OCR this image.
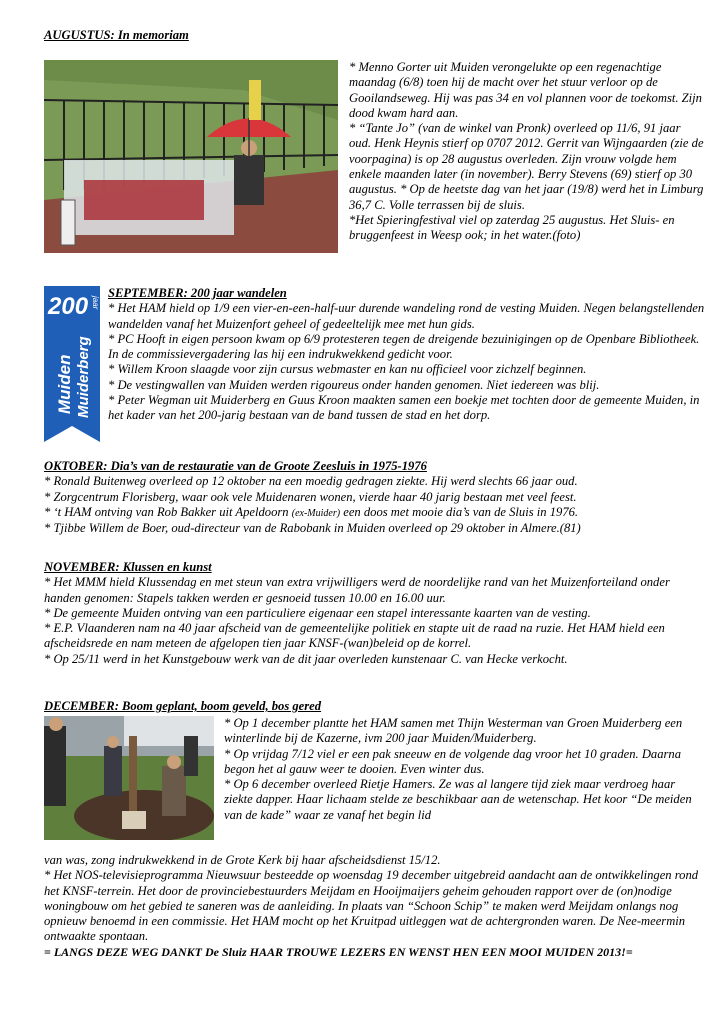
AUGUSTUS: In memoriam

* Menno Gorter uit Muiden verongelukte op een regenachtige maandag (6/8) toen hij de macht over het stuur verloor op de Gooilandseweg. Hij was pas 34 en vol plannen voor de toekomst. Zijn dood kwam hard aan.

* “Tante Jo” (van de winkel van Pronk) overleed op 11/6, 91 jaar oud. Henk Heynis stierf op 0707 2012. Gerrit van Wijngaarden (zie de voorpagina) is op 28 augustus overleden. Zijn vrouw volgde hem enkele maanden later (in november). Berry Stevens (69) stierf op 30 augustus. * Op de heetste dag van het jaar (19/8) werd het in Limburg 36,7 C. Volle terrassen bij de sluis.

*Het Spieringfestival viel op zaterdag 25 augustus. Het Sluis- en bruggenfeest in Weesp ook; in het water.(foto)

200 jaar
Muiden Muiderberg

SEPTEMBER: 200 jaar wandelen

* Het HAM hield op 1/9 een vier-en-een-half-uur durende wandeling rond de vesting Muiden. Negen belangstellenden wandelden vanaf het Muizenfort geheel of gedeeltelijk mee met hun gids.

* PC Hooft in eigen persoon kwam op 6/9 protesteren tegen de dreigende bezuinigingen op de Openbare Bibliotheek. In de commissievergadering las hij een indrukwekkend gedicht voor.

* Willem Kroon slaagde voor zijn cursus webmaster en kan nu officieel voor zichzelf beginnen.

* De vestingwallen van Muiden werden rigoureus onder handen genomen. Niet iedereen was blij.

* Peter Wegman uit Muiderberg en Guus Kroon maakten samen een boekje met tochten door de gemeente Muiden, in het kader van het 200-jarig bestaan van de band tussen de stad en het dorp.

OKTOBER: Dia’s van de restauratie van de Groote Zeesluis in 1975-1976

* Ronald Buitenweg overleed op 12 oktober na een moedig gedragen ziekte. Hij werd slechts 66 jaar oud.

* Zorgcentrum Florisberg, waar ook vele Muidenaren wonen, vierde haar 40 jarig bestaan met veel feest.

* ‘t HAM ontving van Rob Bakker uit Apeldoorn (ex-Muider) een doos met mooie dia’s van de Sluis in 1976.

* Tjibbe Willem de Boer, oud-directeur van de Rabobank in Muiden overleed op 29 oktober in Almere.(81)

NOVEMBER: Klussen en kunst

* Het MMM hield Klussendag en met steun van extra vrijwilligers werd de noordelijke rand van het Muizenforteiland onder handen genomen: Stapels takken werden er gesnoeid tussen 10.00 en 16.00 uur.

* De gemeente Muiden ontving van een particuliere eigenaar een stapel interessante kaarten van de vesting.

* E.P. Vlaanderen nam na 40 jaar afscheid van de gemeentelijke politiek en stapte uit de raad na ruzie. Het HAM hield een afscheidsrede en nam meteen de afgelopen tien jaar KNSF-(wan)beleid op de korrel.

* Op 25/11 werd in het Kunstgebouw werk van de dit jaar overleden kunstenaar C. van Hecke verkocht.

DECEMBER: Boom geplant, boom geveld, bos gered

* Op 1 december plantte het HAM samen met Thijn Westerman van Groen Muiderberg een winterlinde bij de Kazerne, ivm 200 jaar Muiden/Muiderberg.

* Op vrijdag 7/12 viel er een pak sneeuw en de volgende dag vroor het 10 graden. Daarna begon het al gauw weer te dooien. Even winter dus.

* Op 6 december overleed Rietje Hamers. Ze was al langere tijd ziek maar verdroeg haar ziekte dapper. Haar lichaam stelde ze beschikbaar aan de wetenschap. Het koor “De meiden van de kade” waar ze vanaf het begin lid

van was, zong indrukwekkend in de Grote Kerk bij haar afscheidsdienst 15/12.

* Het NOS-televisieprogramma Nieuwsuur besteedde op woensdag 19 december uitgebreid aandacht aan de ontwikkelingen rond het KNSF-terrein. Het door de provinciebestuurders Meijdam en Hooijmaijers geheim gehouden rapport over de (on)nodige woningbouw om het gebied te saneren was de aanleiding. In plaats van “Schoon Schip” te maken werd Meijdam onlangs nog opnieuw benoemd in een commissie. Het HAM mocht op het Kruitpad uitleggen wat de achtergronden waren. De Nee-meermin ontwaakte spontaan.

= LANGS DEZE WEG DANKT De Sluiz HAAR TROUWE LEZERS EN WENST HEN EEN MOOI MUIDEN 2013!=
